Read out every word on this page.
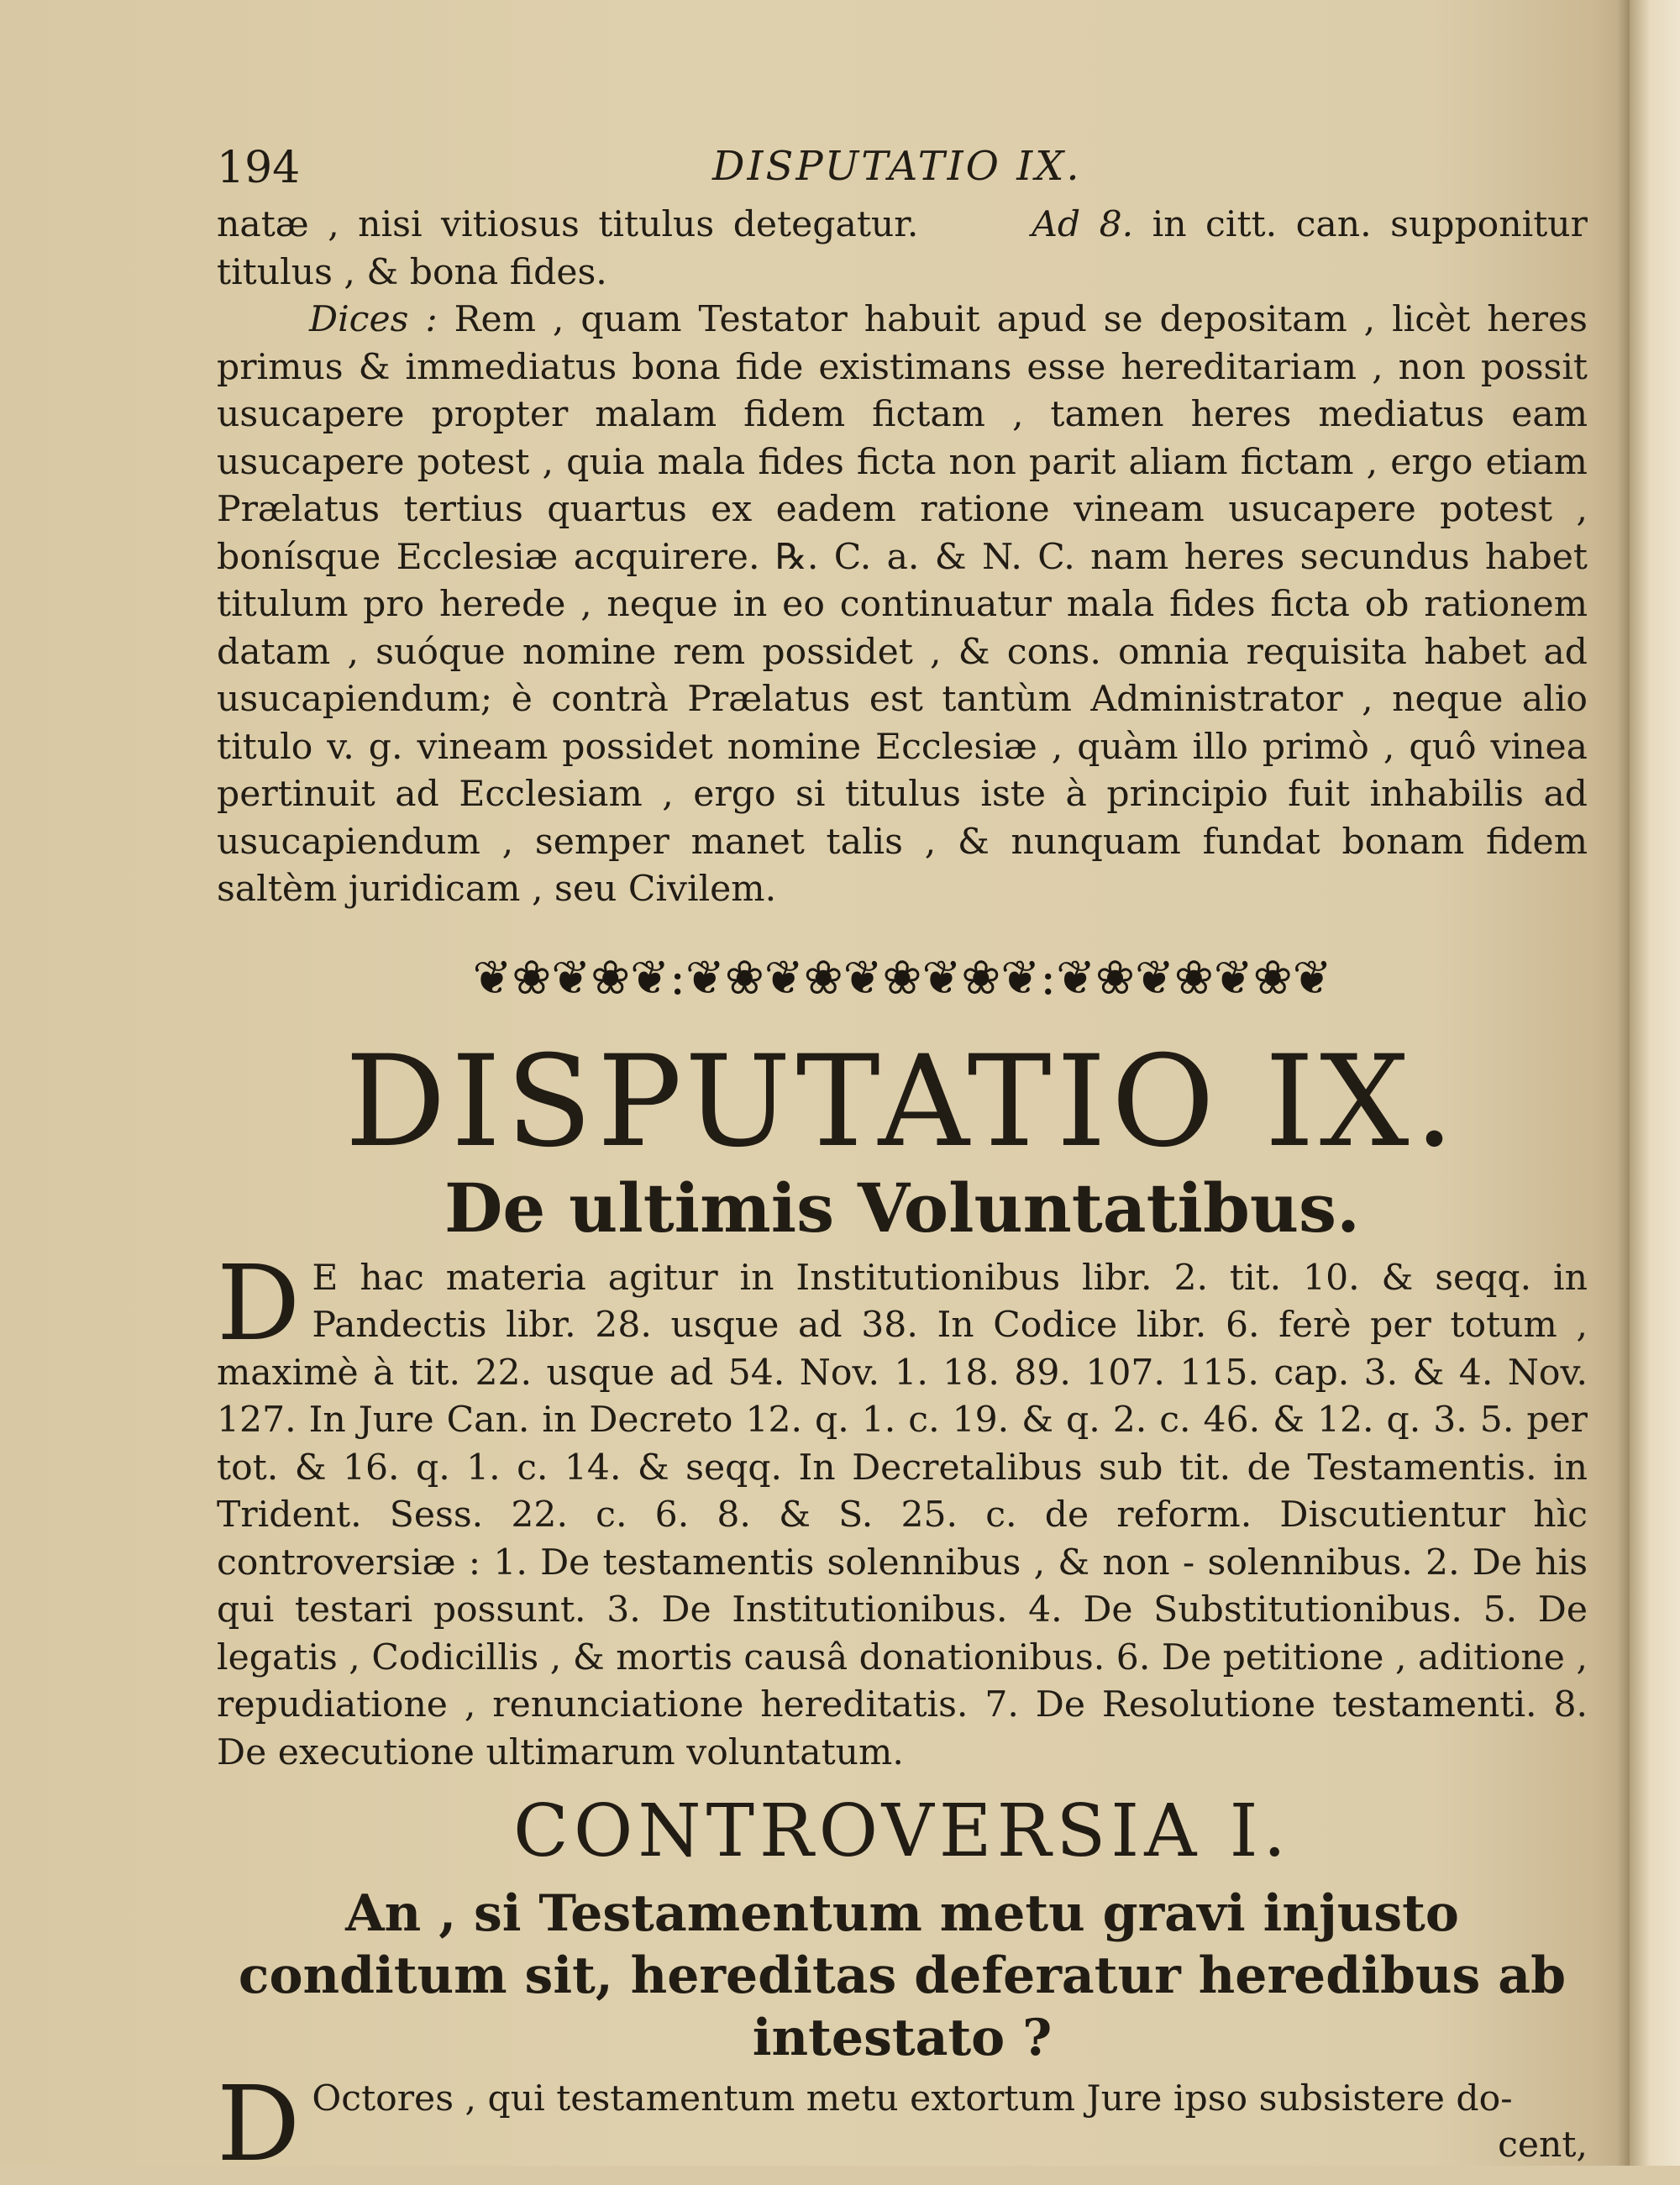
194	DISPUTATIO IX.

natæ , nisi vitiosus titulus detegatur.	Ad 8. in citt. can. supponitur titulus , & bona fides.

Dices : Rem , quam Testator habuit apud se depositam , licèt heres primus & immediatus bona fide existimans esse hereditariam , non possit usucapere propter malam fidem fictam , tamen heres mediatus eam usucapere potest , quia mala fides ficta non parit aliam fictam , ergo etiam Prælatus tertius quartus ex eadem ratione vineam usucapere potest , bonísque Ecclesiæ acquirere. ℞. C. a. & N. C. nam heres secundus habet titulum pro herede , neque in eo continuatur mala fides ficta ob rationem datam , suóque nomine rem possidet , & cons. omnia requisita habet ad usucapiendum; è contrà Prælatus est tantùm Administrator , neque alio titulo v. g. vineam possidet nomine Ecclesiæ , quàm illo primò , quô vinea pertinuit ad Ecclesiam , ergo si titulus iste à principio fuit inhabilis ad usucapiendum , semper manet talis , & nunquam fundat bonam fidem saltèm juridicam , seu Civilem.

❦❀❦❀❦:❦❀❦❀❦❀❦❀❦:❦❀❦❀❦❀❦
DISPUTATIO IX.
De ultimis Voluntatibus.
D E hac materia agitur in Institutionibus libr. 2. tit. 10. & seqq. in Pandectis libr. 28. usque ad 38. In Codice libr. 6. ferè per totum , maximè à tit. 22. usque ad 54. Nov. 1. 18. 89. 107. 115. cap. 3. & 4. Nov. 127. In Jure Can. in Decreto 12. q. 1. c. 19. & q. 2. c. 46. & 12. q. 3. 5. per tot. & 16. q. 1. c. 14. & seqq. In Decretalibus sub tit. de Testamentis. in Trident. Sess. 22. c. 6. 8. & S. 25. c. de reform. Discutientur hìc controversiæ : 1. De testamentis solennibus , & non - solennibus. 2. De his qui testari possunt. 3. De Institutionibus. 4. De Substitutionibus. 5. De legatis , Codicillis , & mortis causâ donationibus. 6. De petitione , aditione , repudiatione , renunciatione hereditatis. 7. De Resolutione testamenti. 8. De executione ultimarum voluntatum.

CONTROVERSIA I.
An , si Testamentum metu gravi injusto conditum sit, hereditas deferatur heredibus ab intestato ?
D Octores , qui testamentum metu extortum Jure ipso subsistere do-

cent,
